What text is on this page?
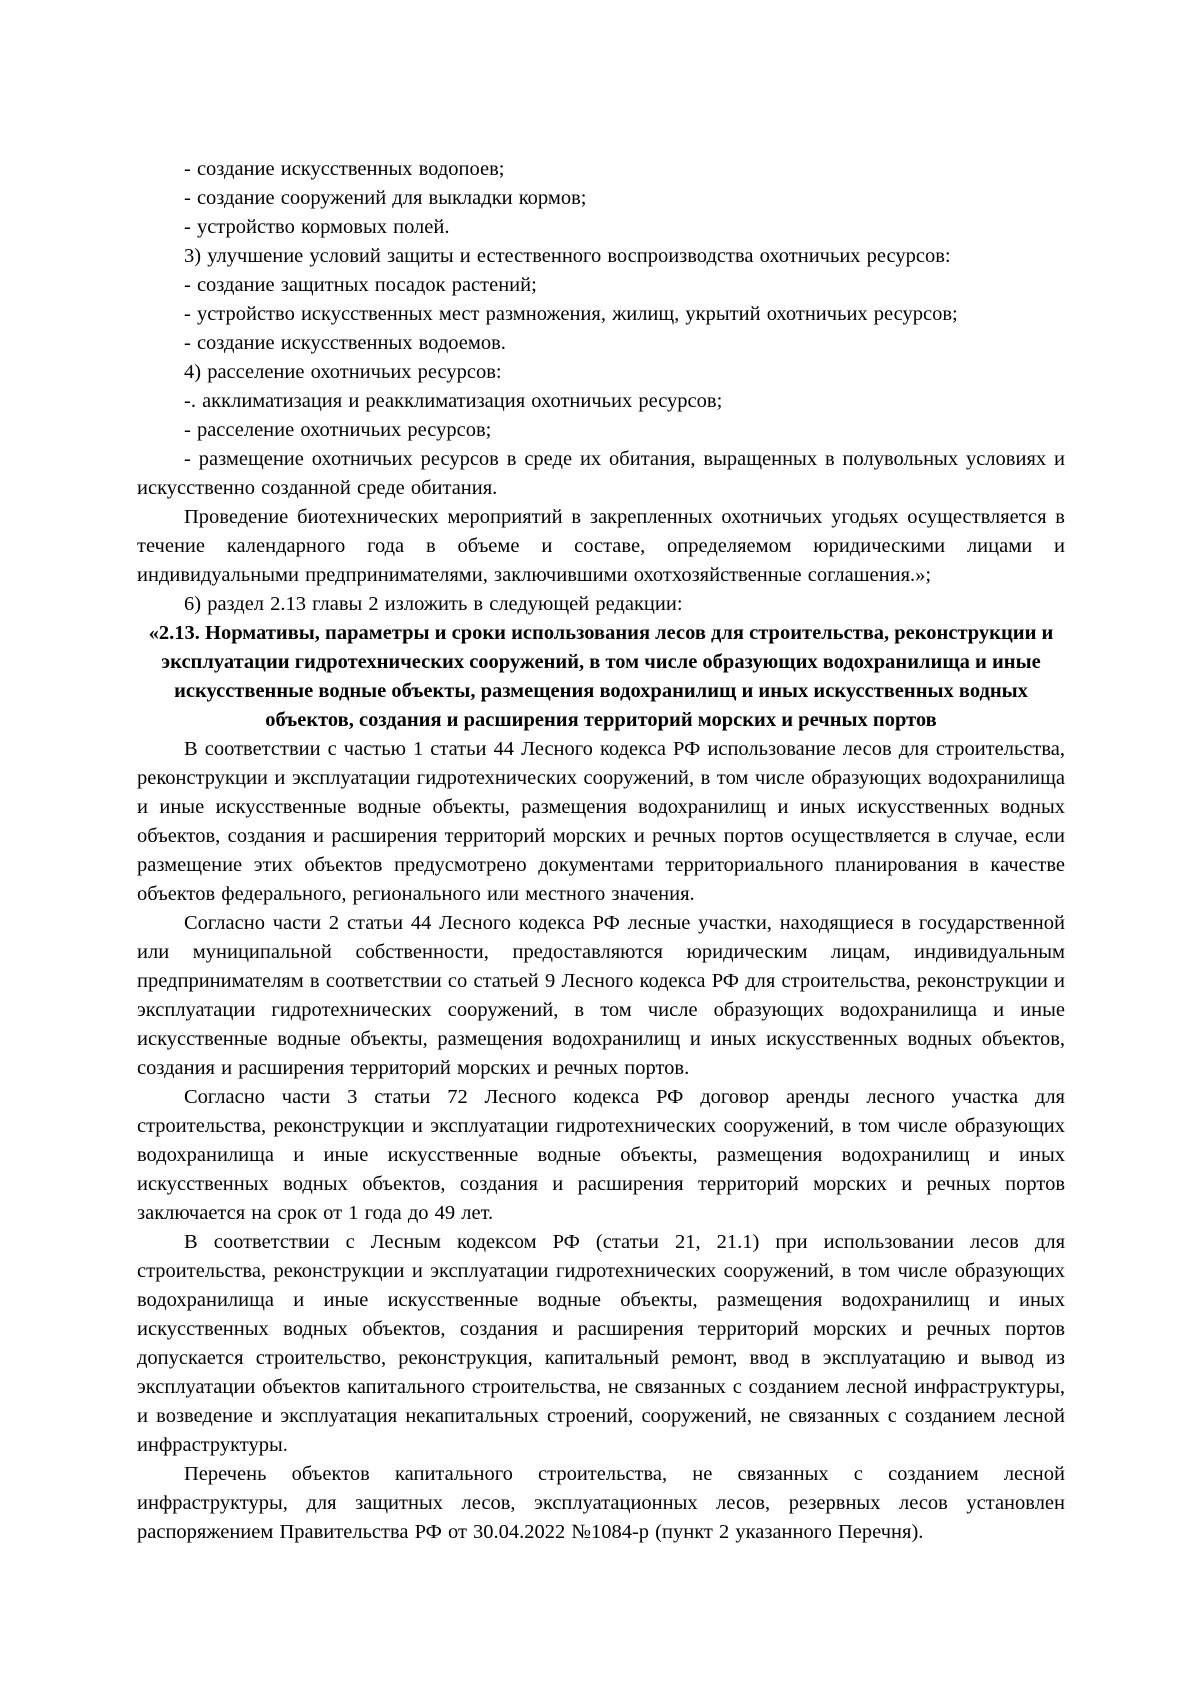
- создание искусственных водопоев;

- создание сооружений для выкладки кормов;

- устройство кормовых полей.

3) улучшение условий защиты и естественного воспроизводства охотничьих ресурсов:

- создание защитных посадок растений;

- устройство искусственных мест размножения, жилищ, укрытий охотничьих ресурсов;

- создание искусственных водоемов.

4) расселение охотничьих ресурсов:

-. акклиматизация и реакклиматизация охотничьих ресурсов;

- расселение охотничьих ресурсов;

- размещение охотничьих ресурсов в среде их обитания, выращенных в полувольных условиях и искусственно созданной среде обитания.

Проведение биотехнических мероприятий в закрепленных охотничьих угодьях осуществляется в течение календарного года в объеме и составе, определяемом юридическими лицами и индивидуальными предпринимателями, заключившими охотхозяйственные соглашения.»;

6) раздел 2.13 главы 2 изложить в следующей редакции:

«2.13. Нормативы, параметры и сроки использования лесов для строительства, реконструкции и эксплуатации гидротехнических сооружений, в том числе образующих водохранилища и иные искусственные водные объекты, размещения водохранилищ и иных искусственных водных объектов, создания и расширения территорий морских и речных портов

В соответствии с частью 1 статьи 44 Лесного кодекса РФ использование лесов для строительства, реконструкции и эксплуатации гидротехнических сооружений, в том числе образующих водохранилища и иные искусственные водные объекты, размещения водохранилищ и иных искусственных водных объектов, создания и расширения территорий морских и речных портов осуществляется в случае, если размещение этих объектов предусмотрено документами территориального планирования в качестве объектов федерального, регионального или местного значения.

Согласно части 2 статьи 44 Лесного кодекса РФ лесные участки, находящиеся в государственной или муниципальной собственности, предоставляются юридическим лицам, индивидуальным предпринимателям в соответствии со статьей 9 Лесного кодекса РФ для строительства, реконструкции и эксплуатации гидротехнических сооружений, в том числе образующих водохранилища и иные искусственные водные объекты, размещения водохранилищ и иных искусственных водных объектов, создания и расширения территорий морских и речных портов.

Согласно части 3 статьи 72 Лесного кодекса РФ договор аренды лесного участка для строительства, реконструкции и эксплуатации гидротехнических сооружений, в том числе образующих водохранилища и иные искусственные водные объекты, размещения водохранилищ и иных искусственных водных объектов, создания и расширения территорий морских и речных портов заключается на срок от 1 года до 49 лет.

В соответствии с Лесным кодексом РФ (статьи 21, 21.1) при использовании лесов для строительства, реконструкции и эксплуатации гидротехнических сооружений, в том числе образующих водохранилища и иные искусственные водные объекты, размещения водохранилищ и иных искусственных водных объектов, создания и расширения территорий морских и речных портов допускается строительство, реконструкция, капитальный ремонт, ввод в эксплуатацию и вывод из эксплуатации объектов капитального строительства, не связанных с созданием лесной инфраструктуры, и возведение и эксплуатация некапитальных строений, сооружений, не связанных с созданием лесной инфраструктуры.

Перечень объектов капитального строительства, не связанных с созданием лесной инфраструктуры, для защитных лесов, эксплуатационных лесов, резервных лесов установлен распоряжением Правительства РФ от 30.04.2022 №1084-р (пункт 2 указанного Перечня).
